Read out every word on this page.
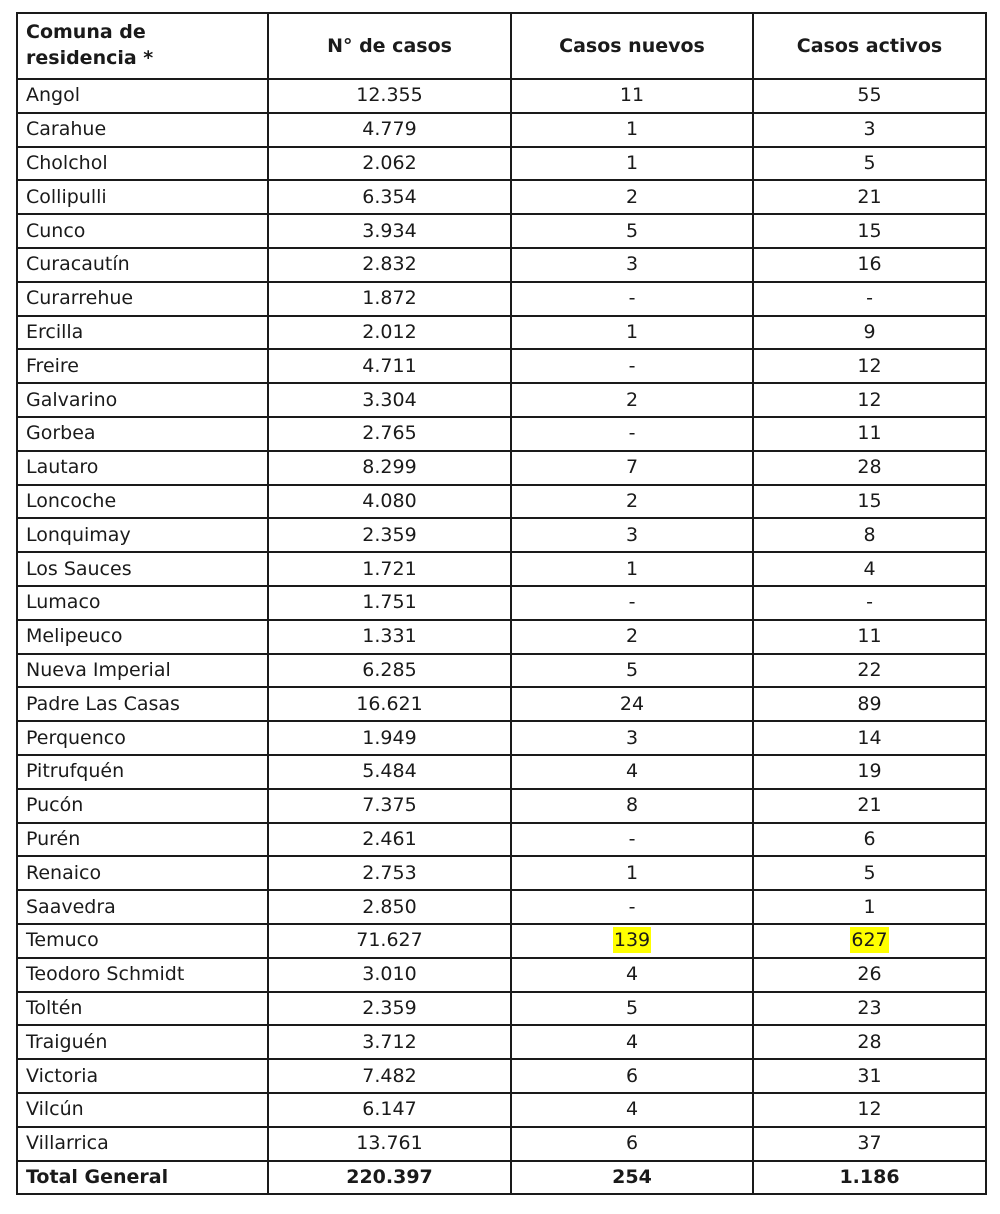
Comuna de
residencia *	N° de casos	Casos nuevos	Casos activos
Angol	12.355	11	55
Carahue	4.779	1	3
Cholchol	2.062	1	5
Collipulli	6.354	2	21
Cunco	3.934	5	15
Curacautín	2.832	3	16
Curarrehue	1.872	-	-
Ercilla	2.012	1	9
Freire	4.711	-	12
Galvarino	3.304	2	12
Gorbea	2.765	-	11
Lautaro	8.299	7	28
Loncoche	4.080	2	15
Lonquimay	2.359	3	8
Los Sauces	1.721	1	4
Lumaco	1.751	-	-
Melipeuco	1.331	2	11
Nueva Imperial	6.285	5	22
Padre Las Casas	16.621	24	89
Perquenco	1.949	3	14
Pitrufquén	5.484	4	19
Pucón	7.375	8	21
Purén	2.461	-	6
Renaico	2.753	1	5
Saavedra	2.850	-	1
Temuco	71.627	139	627
Teodoro Schmidt	3.010	4	26
Toltén	2.359	5	23
Traiguén	3.712	4	28
Victoria	7.482	6	31
Vilcún	6.147	4	12
Villarrica	13.761	6	37
Total General	220.397	254	1.186
